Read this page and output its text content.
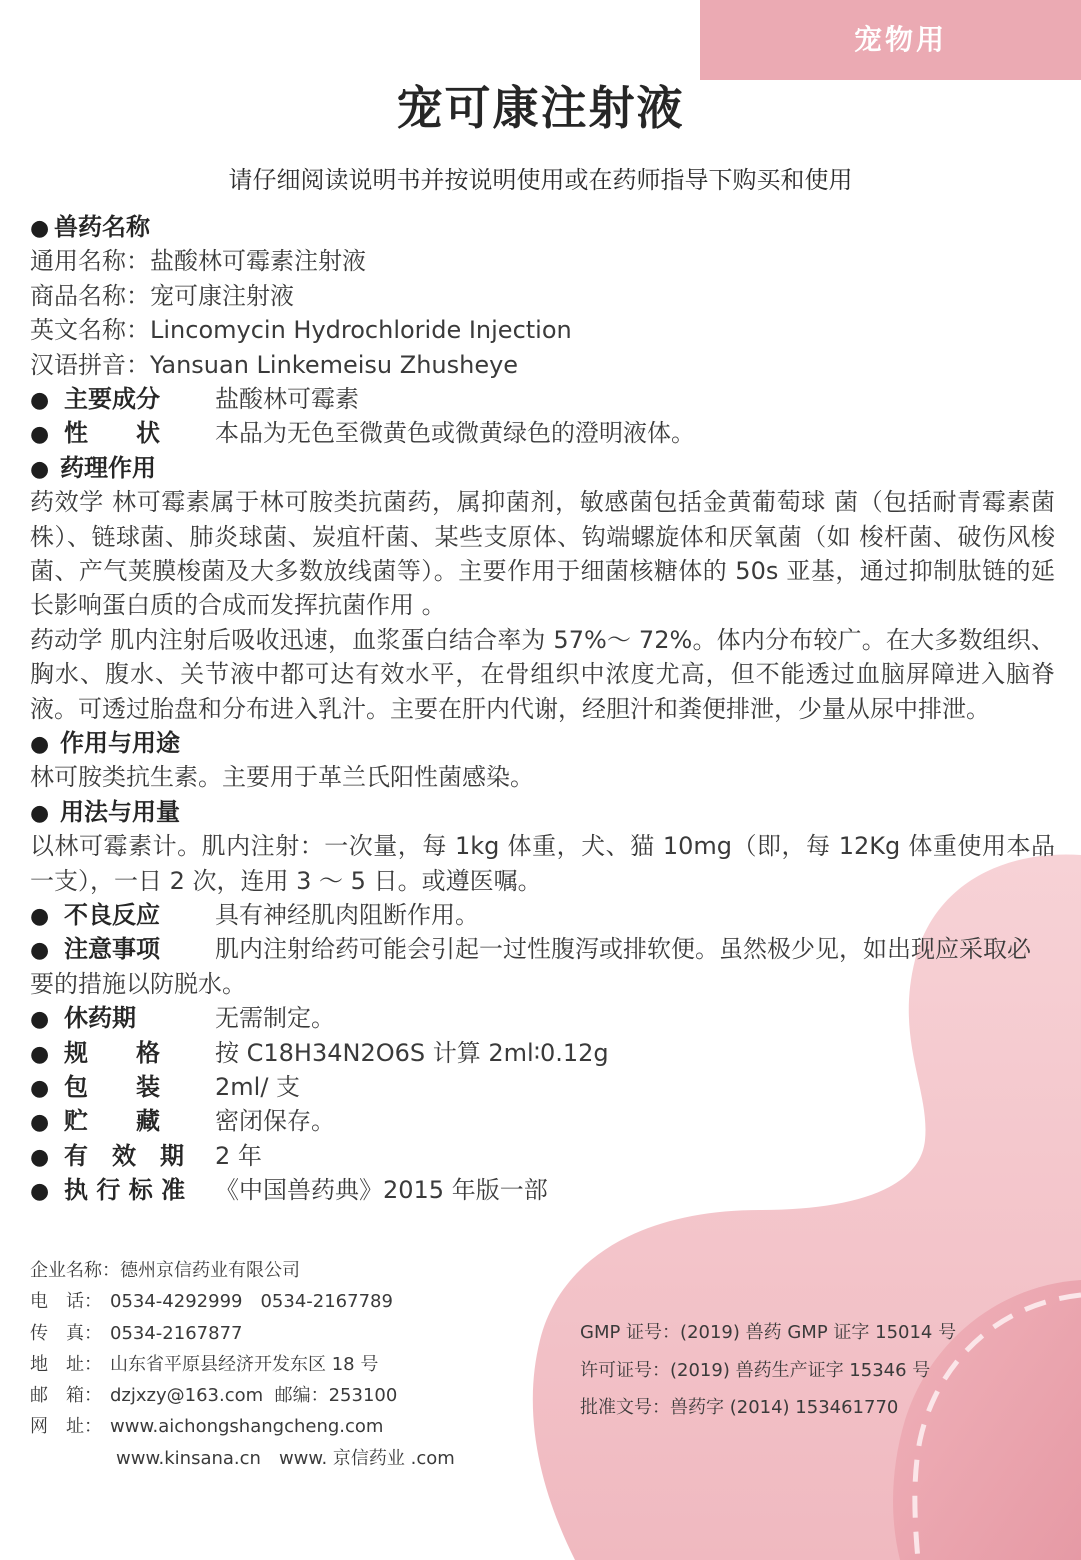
宠物用
宠可康注射液
请仔细阅读说明书并按说明使用或在药师指导下购买和使用
● 兽药名称
通用名称：盐酸林可霉素注射液
商品名称：宠可康注射液
英文名称：Lincomycin Hydrochloride Injection
汉语拼音：Yansuan Linkemeisu Zhusheye
● 主要成分 盐酸林可霉素
● 性　　状 本品为无色至微黄色或微黄绿色的澄明液体。
● 药理作用
药效学 林可霉素属于林可胺类抗菌药，属抑菌剂，敏感菌包括金黄葡萄球 菌（包括耐青霉素菌株）、链球菌、肺炎球菌、炭疽杆菌、某些支原体、钩端螺旋体和厌氧菌（如 梭杆菌、破伤风梭菌、产气荚膜梭菌及大多数放线菌等）。主要作用于细菌核糖体的 50s 亚基，通过抑制肽链的延长影响蛋白质的合成而发挥抗菌作用 。
药动学 肌内注射后吸收迅速，血浆蛋白结合率为 57%～ 72%。体内分布较广。在大多数组织、胸水、腹水、关节液中都可达有效水平，在骨组织中浓度尤高，但不能透过血脑屏障进入脑脊液。可透过胎盘和分布进入乳汁。主要在肝内代谢，经胆汁和粪便排泄，少量从尿中排泄。
● 作用与用途
林可胺类抗生素。主要用于革兰氏阳性菌感染。
● 用法与用量
以林可霉素计。肌内注射：一次量，每 1kg 体重，犬、猫 10mg（即，每 12Kg 体重使用本品一支），一日 2 次，连用 3 ～ 5 日。或遵医嘱。
● 不良反应 具有神经肌肉阻断作用。
● 注意事项 肌内注射给药可能会引起一过性腹泻或排软便。虽然极少见，如出现应采取必
要的措施以防脱水。
● 休药期	无需制定。
● 规　　格 按 C18H34N2O6S 计算 2ml∶0.12g
● 包　　装 2ml/ 支
● 贮　　藏 密闭保存。
● 有　效　期 2 年
● 执 行 标 准 《中国兽药典》2015 年版一部
企业名称：德州京信药业有限公司
电　话： 0534-4292999　0534-2167789
传　真： 0534-2167877
地　址： 山东省平原县经济开发东区 18 号
邮　箱： dzjxzy@163.com 邮编：253100
网　址： www.aichongshangcheng.com
www.kinsana.cn　www. 京信药业 .com
GMP 证号：(2019) 兽药 GMP 证字 15014 号
许可证号：(2019) 兽药生产证字 15346 号
批准文号：兽药字 (2014) 153461770
